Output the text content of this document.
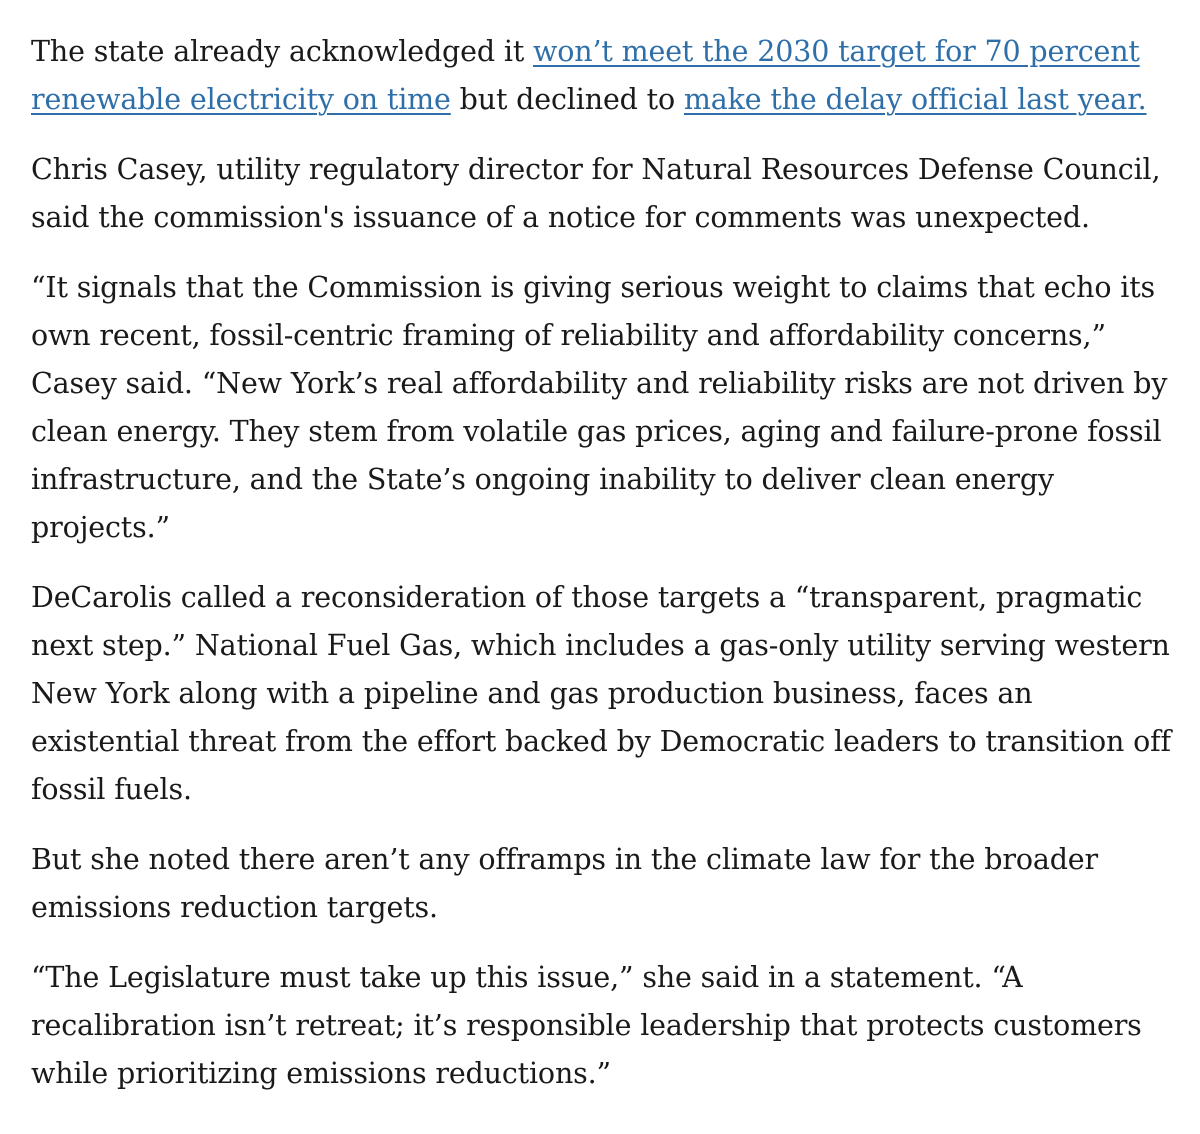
The state already acknowledged it won’t meet the 2030 target for 70 percent renewable electricity on time but declined to make the delay official last year.

Chris Casey, utility regulatory director for Natural Resources Defense Council, said the commission's issuance of a notice for comments was unexpected.

“It signals that the Commission is giving serious weight to claims that echo its own recent, fossil-centric framing of reliability and affordability concerns,” Casey said. “New York’s real affordability and reliability risks are not driven by clean energy. They stem from volatile gas prices, aging and failure-prone fossil infrastructure, and the State’s ongoing inability to deliver clean energy projects.”

DeCarolis called a reconsideration of those targets a “transparent, pragmatic next step.” National Fuel Gas, which includes a gas-only utility serving western New York along with a pipeline and gas production business, faces an existential threat from the effort backed by Democratic leaders to transition off fossil fuels.

But she noted there aren’t any offramps in the climate law for the broader emissions reduction targets.

“The Legislature must take up this issue,” she said in a statement. “A recalibration isn’t retreat; it’s responsible leadership that protects customers while prioritizing emissions reductions.”
